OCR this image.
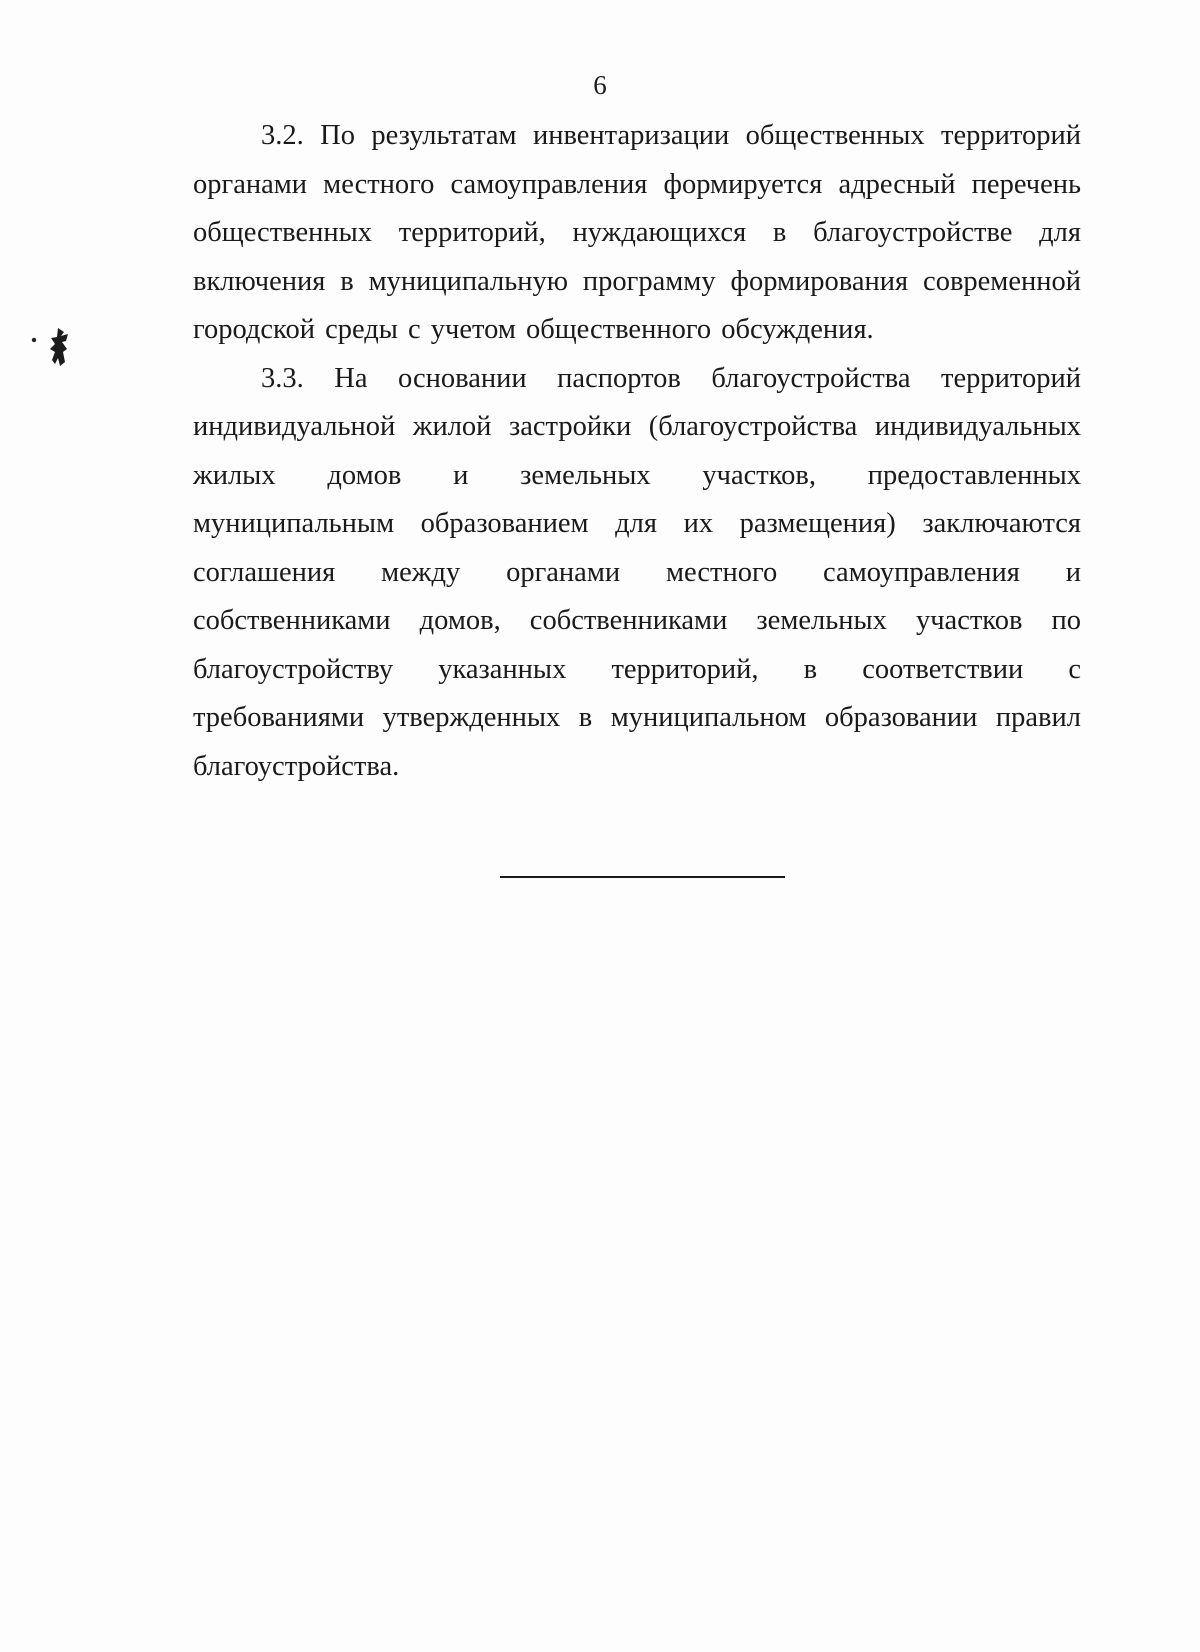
6

3.2. По результатам инвентаризации общественных территорий органами местного самоуправления формируется адресный перечень общественных территорий, нуждающихся в благоустройстве для включения в муниципальную программу формирования современной городской среды с учетом общественного обсуждения.

3.3. На основании паспортов благоустройства территорий индивидуальной жилой застройки (благоустройства индивидуальных жилых домов и земельных участков, предоставленных муниципальным образованием для их размещения) заключаются соглашения между органами местного самоуправления и собственниками домов, собственниками земельных участков по благоустройству указанных территорий, в соответствии с требованиями утвержденных в муниципальном образовании правил благоустройства.
